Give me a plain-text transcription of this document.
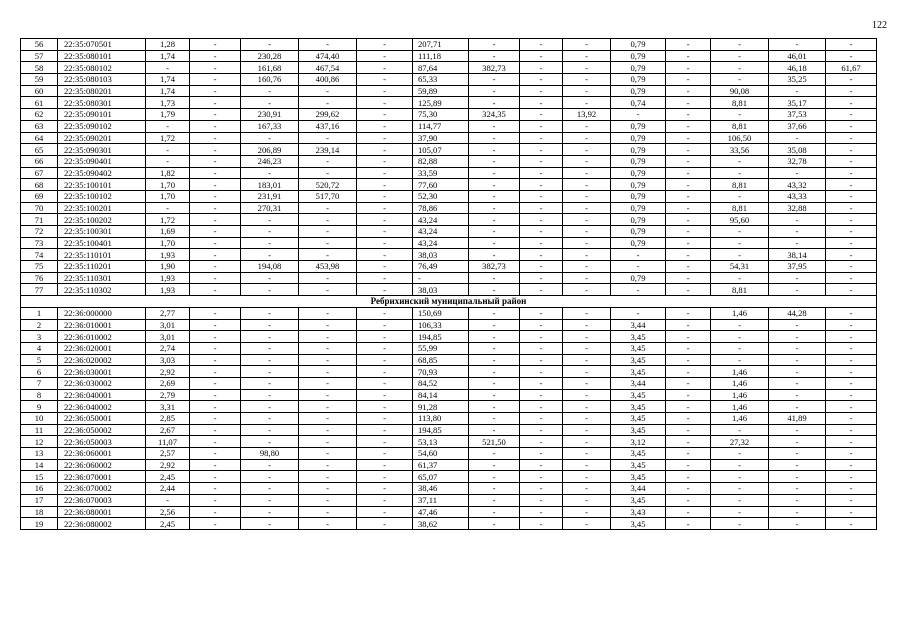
122
56	22:35:070501	1,28	-	-	-	-	207,71	-	-	-	0,79	-	-	-	-
57	22:35:080101	1,74	-	230,28	474,40	-	111,18	-	-	-	0,79	-	-	46,01	-
58	22:35:080102	-	-	161,68	467,54	-	87,64	382,73	-	-	0,79	-	-	46,18	61,67
59	22:35:080103	1,74	-	160,76	400,86	-	65,33	-	-	-	0,79	-	-	35,25	-
60	22:35:080201	1,74	-	-	-	-	59,89	-	-	-	0,79	-	90,08	-	-
61	22:35:080301	1,73	-	-	-	-	125,89	-	-	-	0,74	-	8,81	35,17	-
62	22:35:090101	1,79	-	230,91	299,62	-	75,30	324,35	-	13,92	-	-	-	37,53	-
63	22:35:090102	-	-	167,33	437,16	-	114,77	-	-	-	0,79	-	8,81	37,66	-
64	22:35:090201	1,72	-	-	-	-	37,90	-	-	-	0,79	-	106,50	-	-
65	22:35:090301	-	-	206,89	239,14	-	105,07	-	-	-	0,79	-	33,56	35,08	-
66	22:35:090401	-	-	246,23	-	-	82,88	-	-	-	0,79	-	-	32,78	-
67	22:35:090402	1,82	-	-	-	-	33,59	-	-	-	0,79	-	-	-	-
68	22:35:100101	1,70	-	183,01	520,72	-	77,60	-	-	-	0,79	-	8,81	43,32	-
69	22:35:100102	1,70	-	231,91	517,70	-	52,30	-	-	-	0,79	-	-	43,33	-
70	22:35:100201	-	-	270,31	-	-	78,86	-	-	-	0,79	-	8,81	32,88	-
71	22:35:100202	1,72	-	-	-	-	43,24	-	-	-	0,79	-	95,60	-	-
72	22:35:100301	1,69	-	-	-	-	43,24	-	-	-	0,79	-	-	-	-
73	22:35:100401	1,70	-	-	-	-	43,24	-	-	-	0,79	-	-	-	-
74	22:35:110101	1,93	-	-	-	-	38,03	-	-	-	-	-	-	38,14	-
75	22:35:110201	1,90	-	194,08	453,98	-	76,49	382,73	-	-	-	-	54,31	37,95	-
76	22:35:110301	1,93	-	-	-	-	-	-	-	-	0,79	-	-	-	-
77	22:35:110302	1,93	-	-	-	-	38,03	-	-	-	-	-	8,81	-	-
Ребрихинский муниципальный район															
1	22:36:000000	2,77	-	-	-	-	150,69	-	-	-	-	-	1,46	44,28	-
2	22:36:010001	3,01	-	-	-	-	106,33	-	-	-	3,44	-	-	-	-
3	22:36:010002	3,01	-	-	-	-	194,85	-	-	-	3,45	-	-	-	-
4	22:36:020001	2,74	-	-	-	-	55,99	-	-	-	3,45	-	-	-	-
5	22:36:020002	3,03	-	-	-	-	68,85	-	-	-	3,45	-	-	-	-
6	22:36:030001	2,92	-	-	-	-	70,93	-	-	-	3,45	-	1,46	-	-
7	22:36:030002	2,69	-	-	-	-	84,52	-	-	-	3,44	-	1,46	-	-
8	22:36:040001	2,79	-	-	-	-	84,14	-	-	-	3,45	-	1,46	-	-
9	22:36:040002	3,31	-	-	-	-	91,28	-	-	-	3,45	-	1,46	-	-
10	22:36:050001	2,85	-	-	-	-	113,80	-	-	-	3,45	-	1,46	41,89	-
11	22:36:050002	2,67	-	-	-	-	194,85	-	-	-	3,45	-	-	-	-
12	22:36:050003	11,07	-	-	-	-	53,13	521,50	-	-	3,12	-	27,32	-	-
13	22:36:060001	2,57	-	98,80	-	-	54,60	-	-	-	3,45	-	-	-	-
14	22:36:060002	2,92	-	-	-	-	61,37	-	-	-	3,45	-	-	-	-
15	22:36:070001	2,45	-	-	-	-	65,07	-	-	-	3,45	-	-	-	-
16	22:36:070002	2,44	-	-	-	-	38,46	-	-	-	3,44	-	-	-	-
17	22:36:070003	-	-	-	-	-	37,11	-	-	-	3,45	-	-	-	-
18	22:36:080001	2,56	-	-	-	-	47,46	-	-	-	3,43	-	-	-	-
19	22:36:080002	2,45	-	-	-	-	38,62	-	-	-	3,45	-	-	-	-
